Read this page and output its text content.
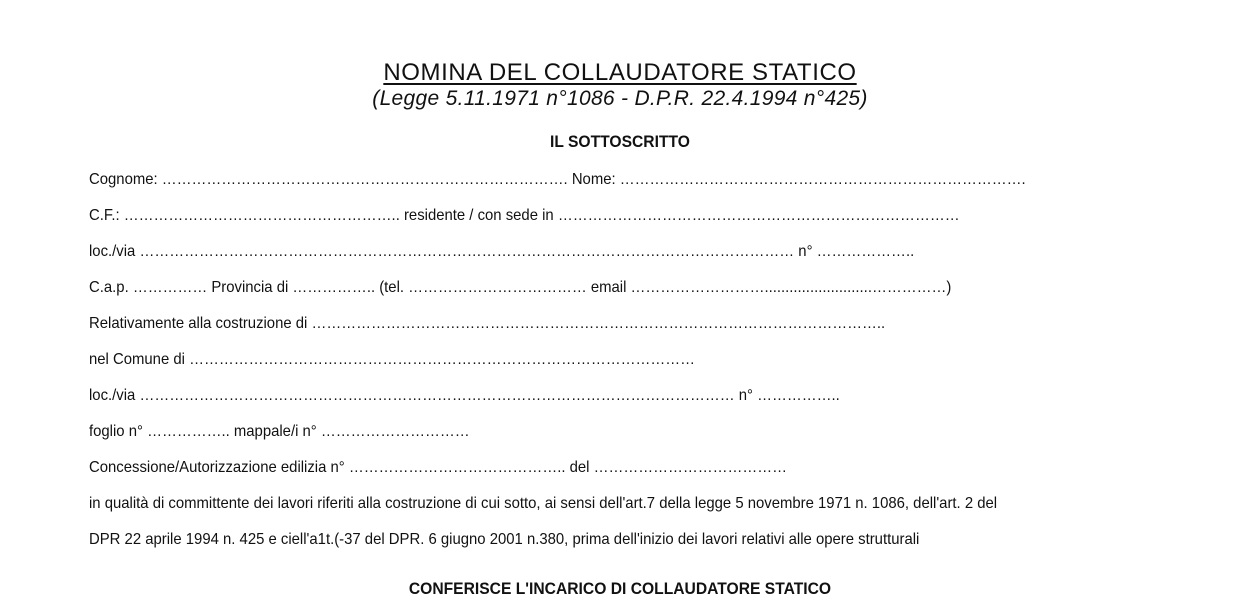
NOMINA DEL COLLAUDATORE STATICO
(Legge 5.11.1971 n°1086 - D.P.R. 22.4.1994 n°425)
IL SOTTOSCRITTO
Cognome: ………………………………………………………………………. Nome: ……………………………………………………………………….
C.F.: ……………………………………………….. residente / con sede in ………………………………………………………………………
loc./via …………………………………………………………………………………………………………………… n° ………………..
C.a.p. …………… Provincia di …………….. (tel. ……………………………… email ………………………..........................……………)
Relativamente alla costruzione di ……………………………………………………………………………………………………..
nel Comune di …………………………………………………………………………………………
loc./via ………………………………………………………………………………………………………… n° ……………..
foglio n° …………….. mappale/i n° …………………………
Concessione/Autorizzazione edilizia n° …………………………………….. del …………………………………
in qualità di committente dei lavori riferiti alla costruzione di cui sotto, ai sensi dell'art.7 della legge 5 novembre 1971 n. 1086, dell'art. 2 del
DPR 22 aprile 1994 n. 425 e ciell'a1t.(-37 del DPR. 6 giugno 2001 n.380, prima dell'inizio dei lavori relativi alle opere strutturali
CONFERISCE L'INCARICO DI COLLAUDATORE STATICO
